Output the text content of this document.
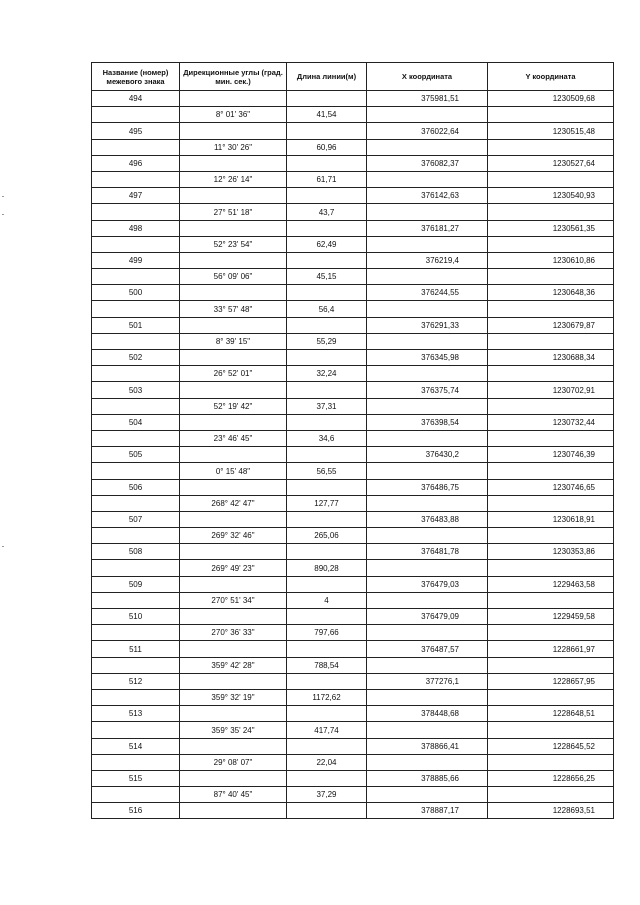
Название (номер) межевого знака	Дирекционные углы (град. мин. сек.)	Длина линии(м)	X координата	Y координата
494			375981,51	1230509,68
	8° 01' 36"	41,54		
495			376022,64	1230515,48
	11° 30' 26"	60,96		
496			376082,37	1230527,64
	12° 26' 14"	61,71		
497			376142,63	1230540,93
	27° 51' 18"	43,7		
498			376181,27	1230561,35
	52° 23' 54"	62,49		
499			376219,4	1230610,86
	56° 09' 06"	45,15		
500			376244,55	1230648,36
	33° 57' 48"	56,4		
501			376291,33	1230679,87
	8° 39' 15"	55,29		
502			376345,98	1230688,34
	26° 52' 01"	32,24		
503			376375,74	1230702,91
	52° 19' 42"	37,31		
504			376398,54	1230732,44
	23° 46' 45"	34,6		
505			376430,2	1230746,39
	0° 15' 48"	56,55		
506			376486,75	1230746,65
	268° 42' 47"	127,77		
507			376483,88	1230618,91
	269° 32' 46"	265,06		
508			376481,78	1230353,86
	269° 49' 23"	890,28		
509			376479,03	1229463,58
	270° 51' 34"	4		
510			376479,09	1229459,58
	270° 36' 33"	797,66		
511			376487,57	1228661,97
	359° 42' 28"	788,54		
512			377276,1	1228657,95
	359° 32' 19"	1172,62		
513			378448,68	1228648,51
	359° 35' 24"	417,74		
514			378866,41	1228645,52
	29° 08' 07"	22,04		
515			378885,66	1228656,25
	87° 40' 45"	37,29		
516			378887,17	1228693,51
